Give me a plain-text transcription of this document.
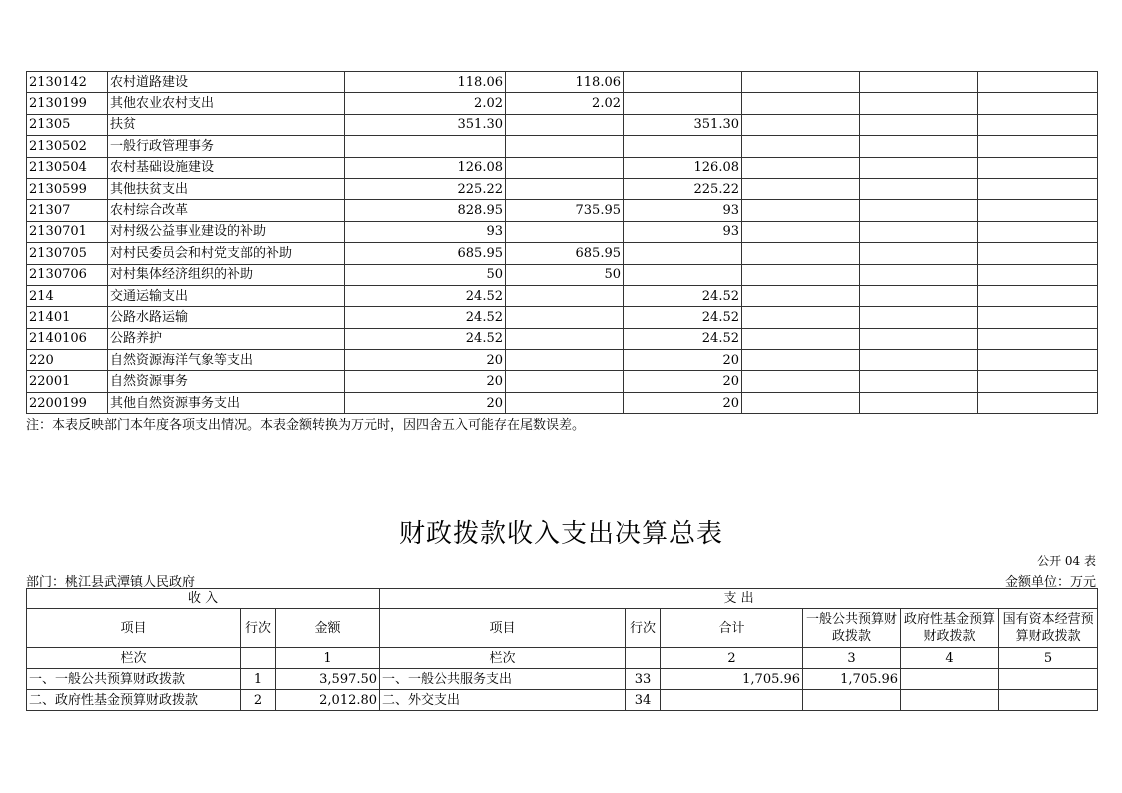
2130142	农村道路建设	118.06	118.06				
2130199	其他农业农村支出	2.02	2.02				
21305	扶贫	351.30		351.30			
2130502	一般行政管理事务						
2130504	农村基础设施建设	126.08		126.08			
2130599	其他扶贫支出	225.22		225.22			
21307	农村综合改革	828.95	735.95	93			
2130701	对村级公益事业建设的补助	93		93			
2130705	对村民委员会和村党支部的补助	685.95	685.95				
2130706	对村集体经济组织的补助	50	50				
214	交通运输支出	24.52		24.52			
21401	公路水路运输	24.52		24.52			
2140106	公路养护	24.52		24.52			
220	自然资源海洋气象等支出	20		20			
22001	自然资源事务	20		20			
2200199	其他自然资源事务支出	20		20			
注：本表反映部门本年度各项支出情况。本表金额转换为万元时，因四舍五入可能存在尾数误差。
财政拨款收入支出决算总表
公开 04 表
部门：桃江县武潭镇人民政府	金额单位：万元
收 入			支 出					
项目	行次	金额	项目	行次	合计	一般公共预算财政拨款	政府性基金预算财政拨款	国有资本经营预算财政拨款
栏次		1	栏次		2	3	4	5
一、一般公共预算财政拨款	1	3,597.50	一、一般公共服务支出	33	1,705.96	1,705.96		
二、政府性基金预算财政拨款	2	2,012.80	二、外交支出	34				
